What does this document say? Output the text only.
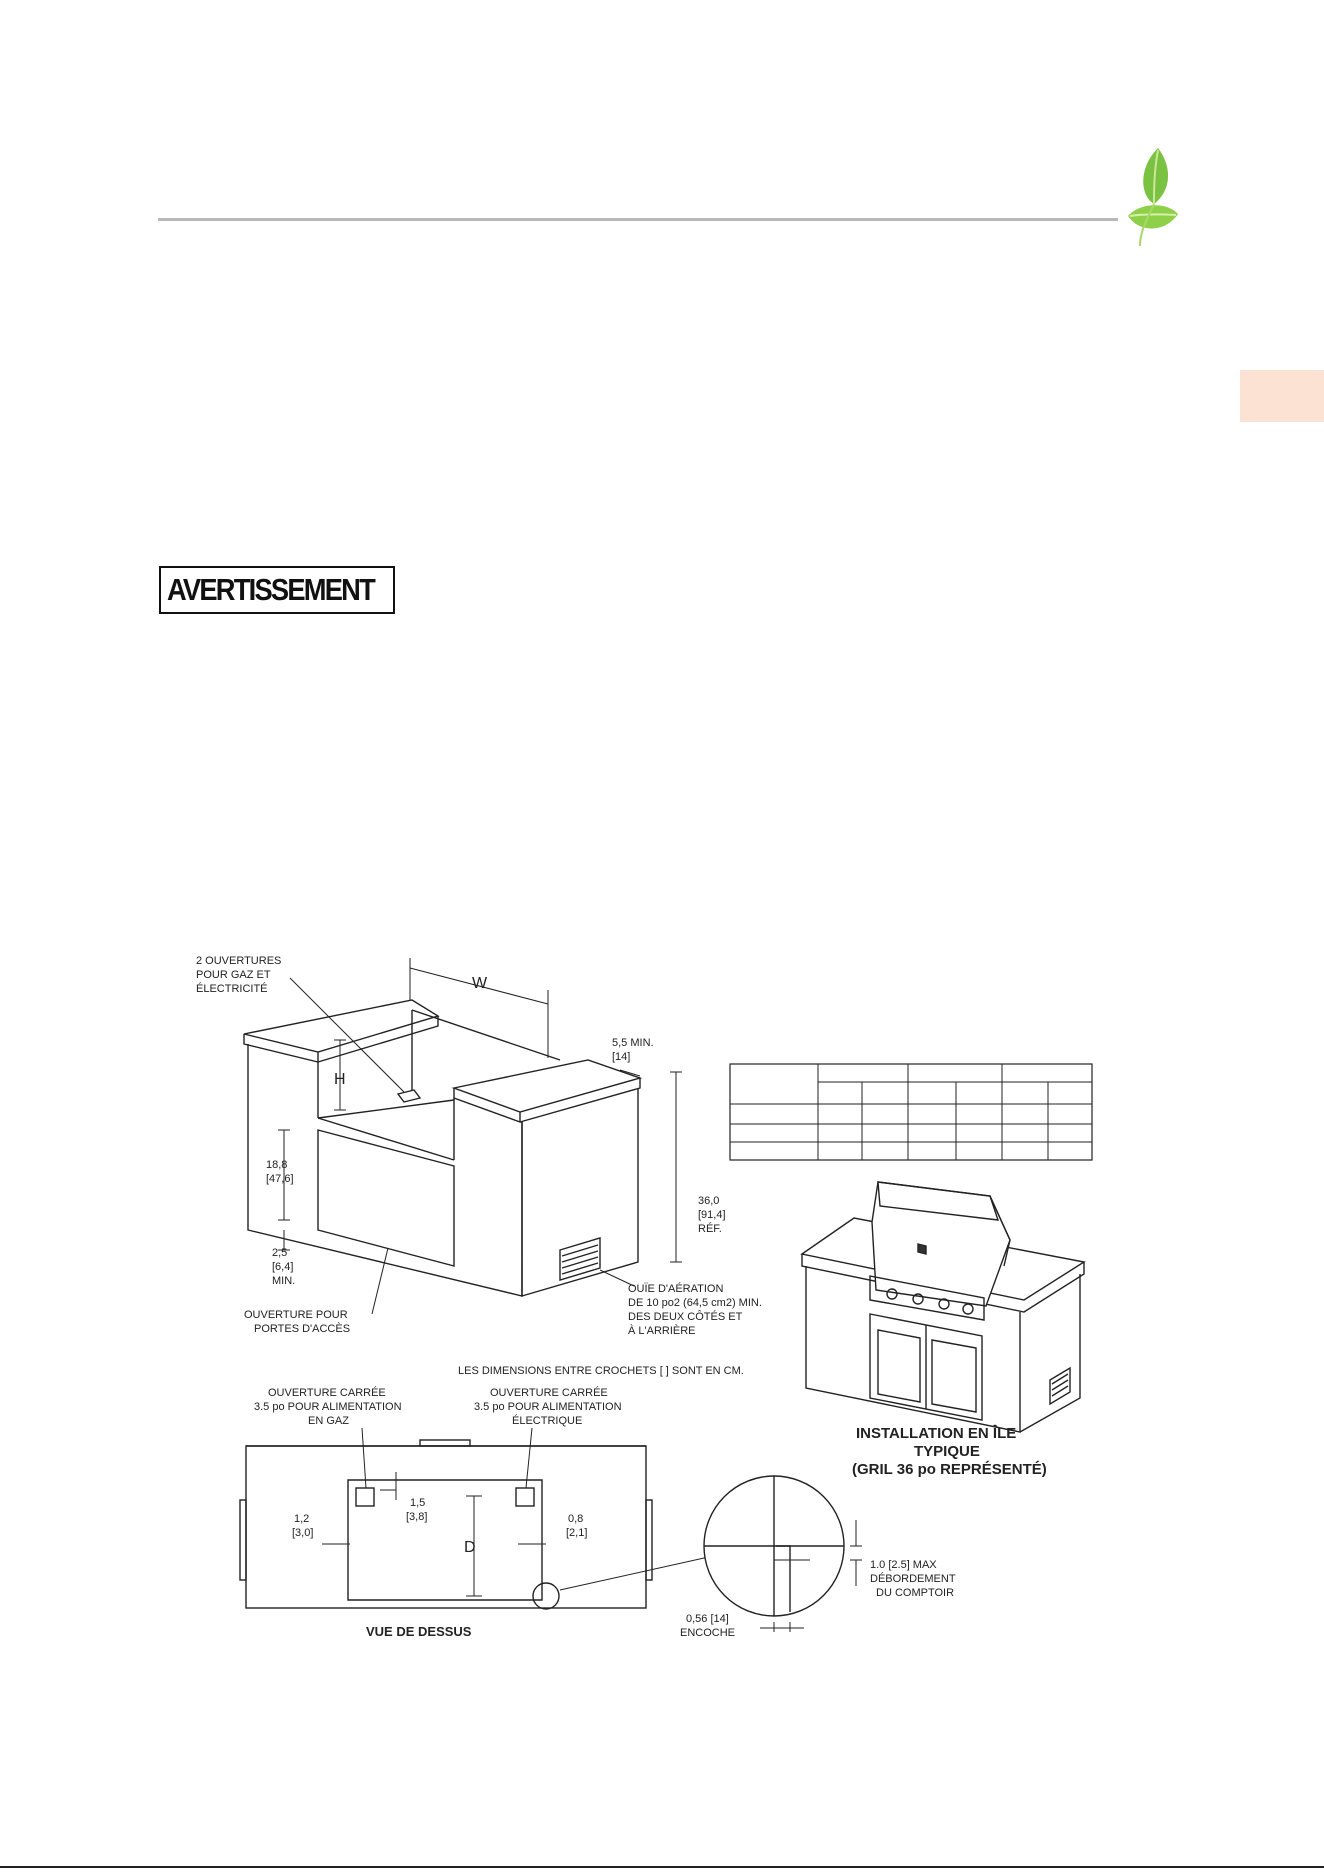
AVERTISSEMENT
2 OUVERTURES
POUR GAZ ET
ÉLECTRICITÉ	W
H
5,5 MIN.
[14]
18,8
[47,6]
2,5
[6,4]
MIN.
36,0
[91,4]
RÉF.
OUÏE D'AÉRATION
DE 10 po2 (64,5 cm2) MIN.
DES DEUX CÔTÉS ET
À L'ARRIÈRE
OUVERTURE POUR
PORTES D'ACCÈS
LES DIMENSIONS ENTRE CROCHETS [ ] SONT EN CM.
OUVERTURE CARRÉE
3.5 po POUR ALIMENTATION
EN GAZ
OUVERTURE CARRÉE
3.5 po POUR ALIMENTATION
ÉLECTRIQUE
1,2
[3,0]
1,5
[3,8]	0,8
[2,1]
D
VUE DE DESSUS
1.0 [2.5] MAX
DÉBORDEMENT
DU COMPTOIR
0,56 [14]
ENCOCHE
INSTALLATION EN ÎLE
TYPIQUE
(GRIL 36 po REPRÉSENTÉ)
